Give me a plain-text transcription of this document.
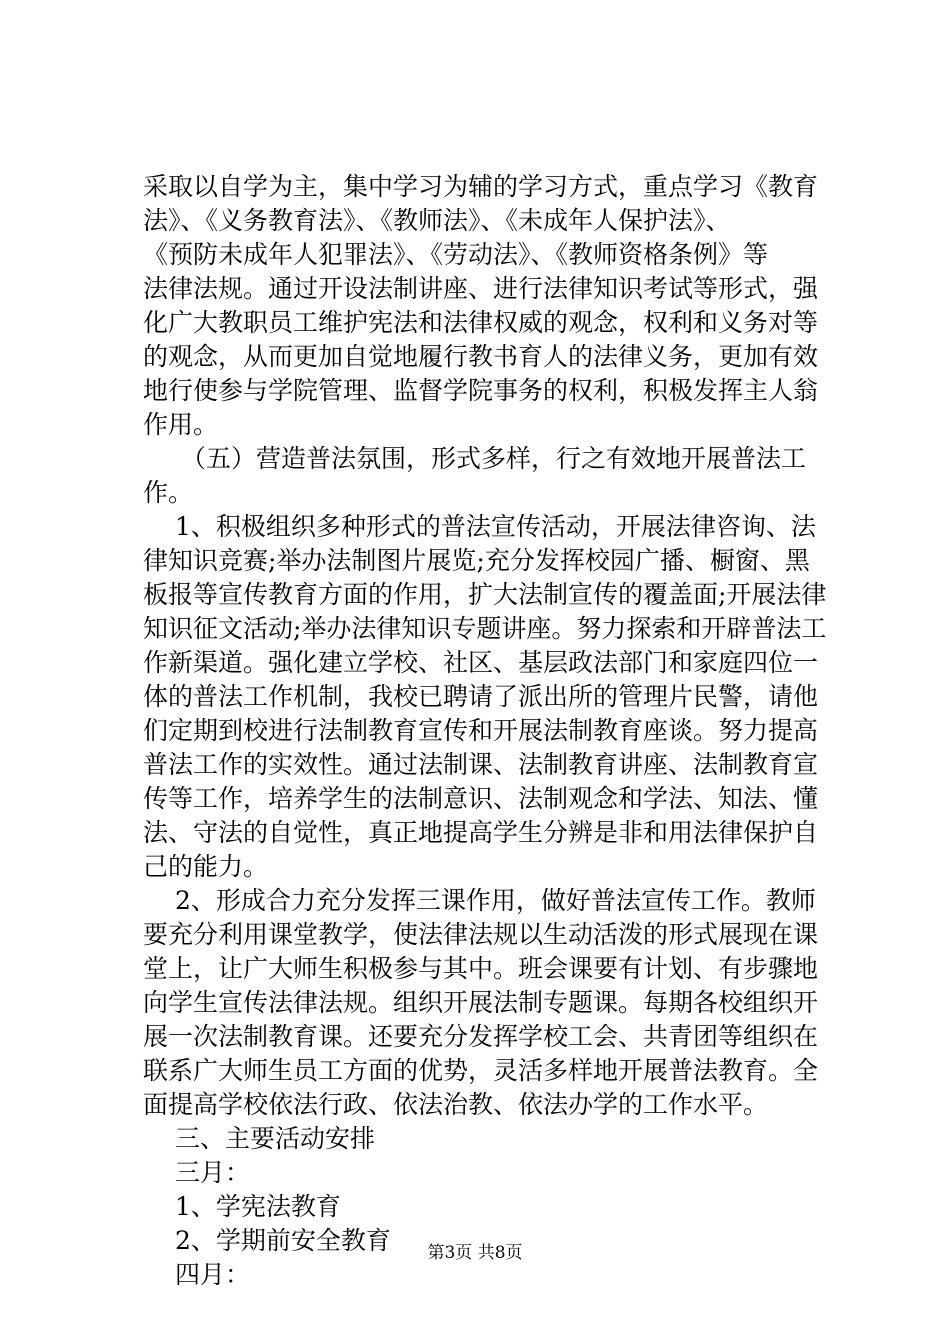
采取以自学为主，集中学习为辅的学习方式，重点学习《教育
法》、《义务教育法》、《教师法》、《未成年人保护法》、
《预防未成年人犯罪法》、《劳动法》、《教师资格条例》等
法律法规。通过开设法制讲座、进行法律知识考试等形式，强
化广大教职员工维护宪法和法律权威的观念，权利和义务对等
的观念，从而更加自觉地履行教书育人的法律义务，更加有效
地行使参与学院管理、监督学院事务的权利，积极发挥主人翁
作用。
（五）营造普法氛围，形式多样，行之有效地开展普法工
作。
1、积极组织多种形式的普法宣传活动，开展法律咨询、法
律知识竞赛;举办法制图片展览;充分发挥校园广播、橱窗、黑
板报等宣传教育方面的作用，扩大法制宣传的覆盖面;开展法律
知识征文活动;举办法律知识专题讲座。努力探索和开辟普法工
作新渠道。强化建立学校、社区、基层政法部门和家庭四位一
体的普法工作机制，我校已聘请了派出所的管理片民警，请他
们定期到校进行法制教育宣传和开展法制教育座谈。努力提高
普法工作的实效性。通过法制课、法制教育讲座、法制教育宣
传等工作，培养学生的法制意识、法制观念和学法、知法、懂
法、守法的自觉性，真正地提高学生分辨是非和用法律保护自
己的能力。
2、形成合力充分发挥三课作用，做好普法宣传工作。教师
要充分利用课堂教学，使法律法规以生动活泼的形式展现在课
堂上，让广大师生积极参与其中。班会课要有计划、有步骤地
向学生宣传法律法规。组织开展法制专题课。每期各校组织开
展一次法制教育课。还要充分发挥学校工会、共青团等组织在
联系广大师生员工方面的优势，灵活多样地开展普法教育。全
面提高学校依法行政、依法治教、依法办学的工作水平。
三、主要活动安排
三月：
1、学宪法教育
2、学期前安全教育
四月：
第3页 共8页
